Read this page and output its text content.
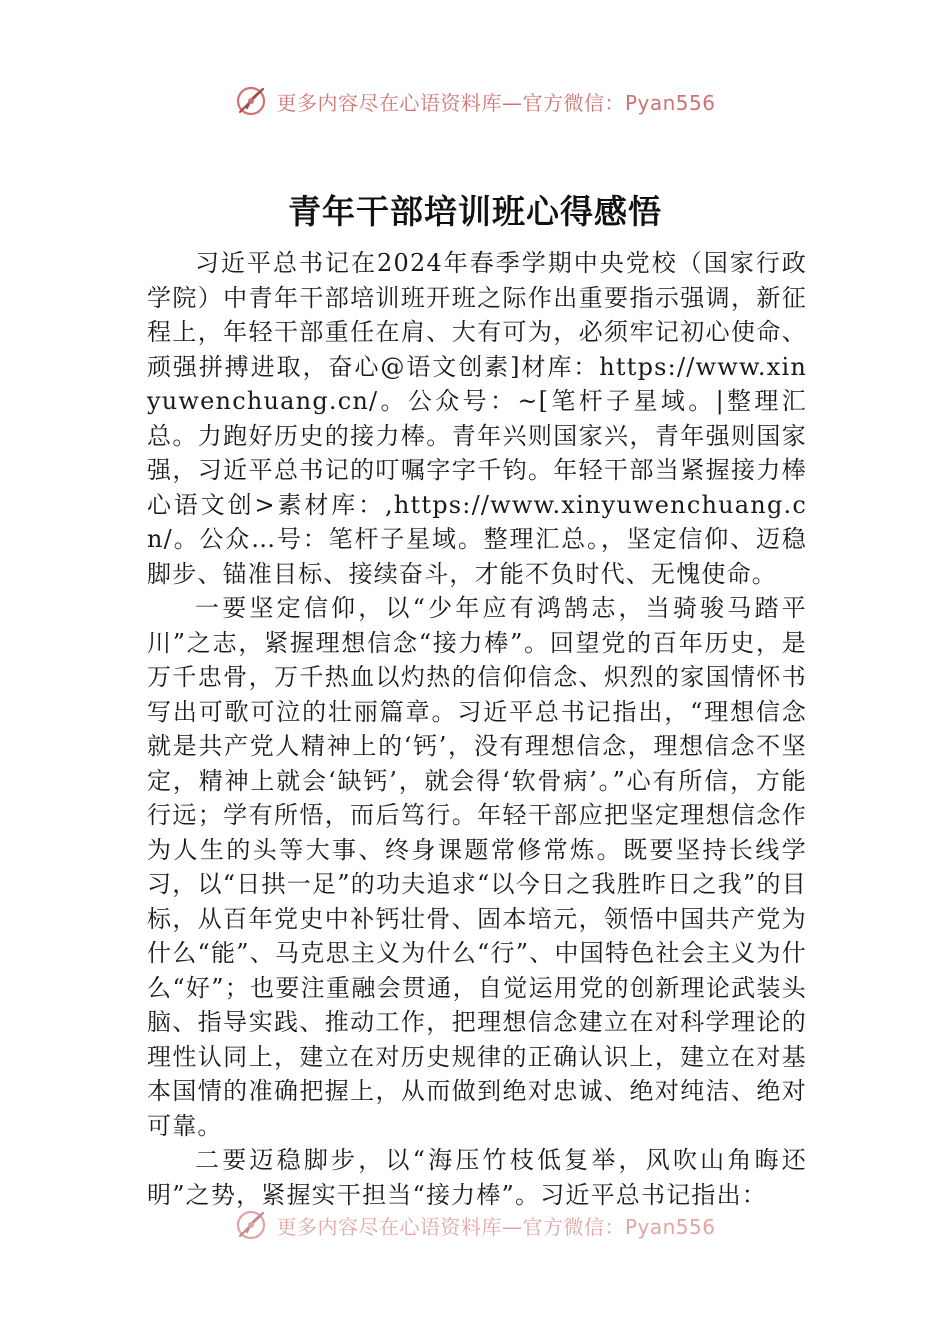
更多内容尽在心语资料库—官方微信：Pyan556
青年干部培训班心得感悟

习近平总书记在2024年春季学期中央党校（国家行政学院）中青年干部培训班开班之际作出重要指示强调，新征程上，年轻干部重任在肩、大有可为，必须牢记初心使命、顽强拼搏进取，奋心@语文创素]材库：https://www.xinyuwenchuang.cn/。公众号：~[笔杆子星域。|整理汇总。力跑好历史的接力棒。青年兴则国家兴，青年强则国家强，习近平总书记的叮嘱字字千钧。年轻干部当紧握接力棒心语文创>素材库：,https://www.xinyuwenchuang.cn/。公众…号：笔杆子星域。整理汇总。，坚定信仰、迈稳脚步、锚准目标、接续奋斗，才能不负时代、无愧使命。

一要坚定信仰，以“少年应有鸿鹄志，当骑骏马踏平川”之志，紧握理想信念“接力棒”。回望党的百年历史，是万千忠骨，万千热血以灼热的信仰信念、炽烈的家国情怀书写出可歌可泣的壮丽篇章。习近平总书记指出，“理想信念就是共产党人精神上的‘钙’，没有理想信念，理想信念不坚定，精神上就会‘缺钙’，就会得‘软骨病’。”心有所信，方能行远；学有所悟，而后笃行。年轻干部应把坚定理想信念作为人生的头等大事、终身课题常修常炼。既要坚持长线学习，以“日拱一足”的功夫追求“以今日之我胜昨日之我”的目标，从百年党史中补钙壮骨、固本培元，领悟中国共产党为什么“能”、马克思主义为什么“行”、中国特色社会主义为什么“好”；也要注重融会贯通，自觉运用党的创新理论武装头脑、指导实践、推动工作，把理想信念建立在对科学理论的理性认同上，建立在对历史规律的正确认识上，建立在对基本国情的准确把握上，从而做到绝对忠诚、绝对纯洁、绝对可靠。

二要迈稳脚步，以“海压竹枝低复举，风吹山角晦还明”之势，紧握实干担当“接力棒”。习近平总书记指出：

更多内容尽在心语资料库—官方微信：Pyan556
